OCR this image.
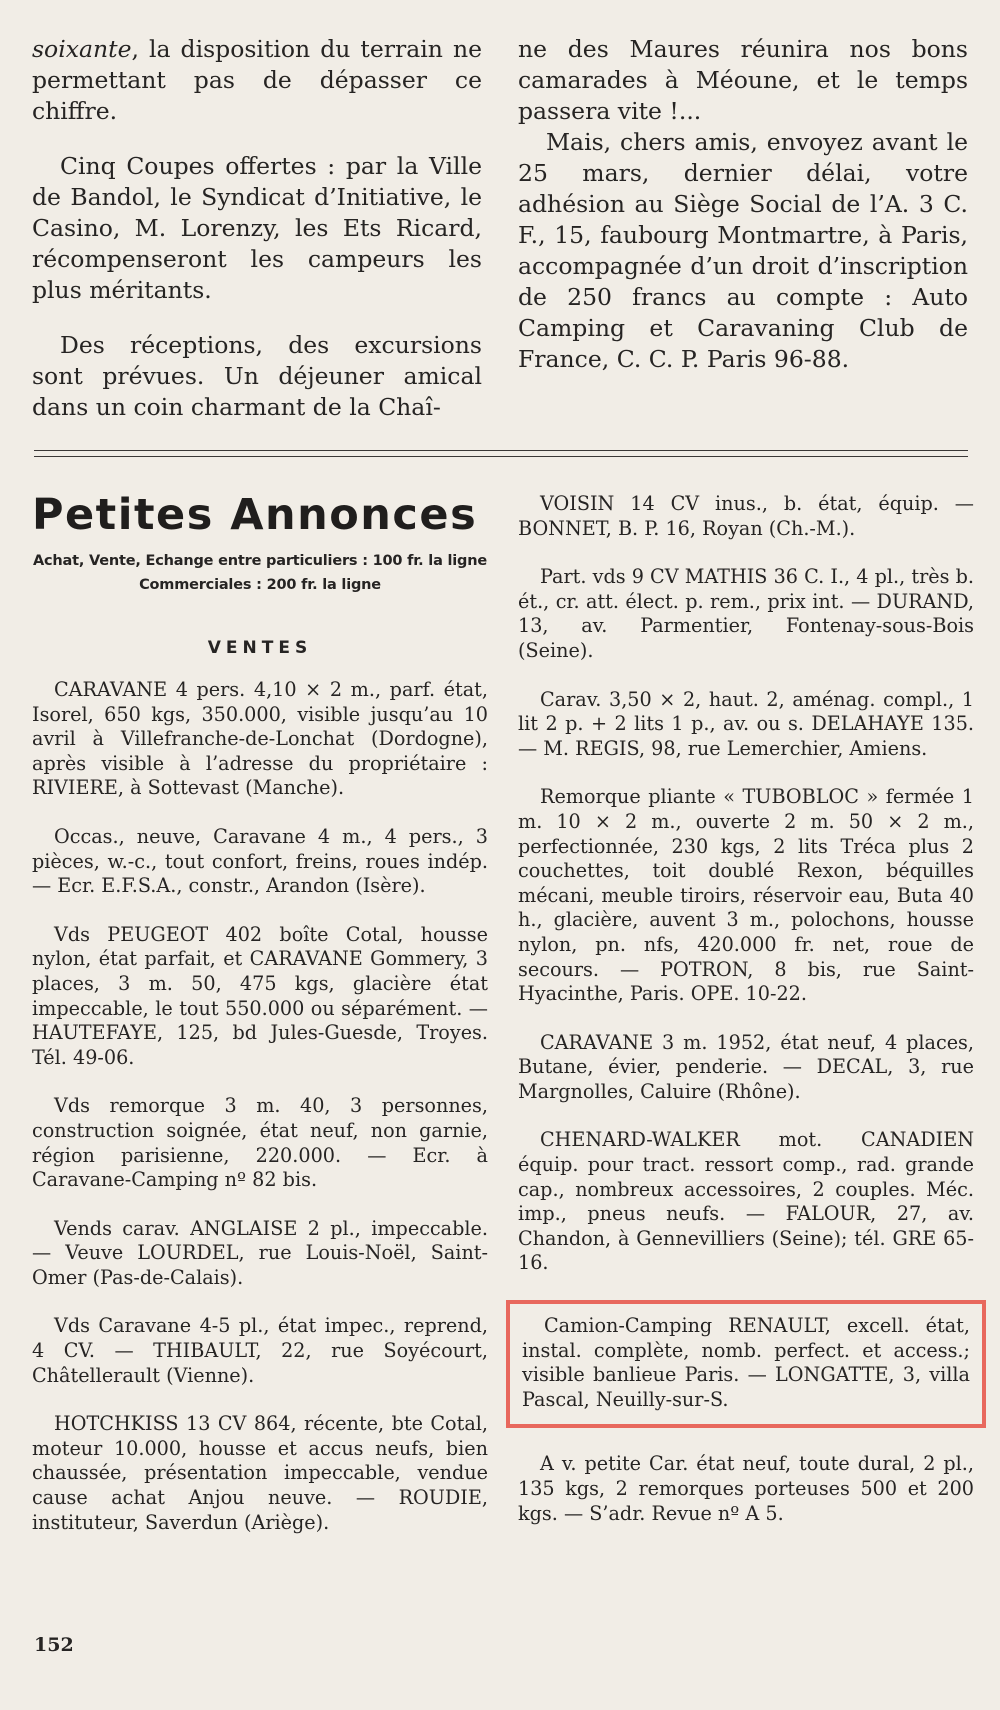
soixante, la disposition du terrain ne permettant pas de dépasser ce chiffre.

Cinq Coupes offertes : par la Ville de Bandol, le Syndicat d’Initiative, le Casino, M. Lorenzy, les Ets Ricard, récompenseront les campeurs les plus méritants.

Des réceptions, des excursions sont prévues. Un déjeuner amical dans un coin charmant de la Chaî-

ne des Maures réunira nos bons camarades à Méoune, et le temps passera vite !...

Mais, chers amis, envoyez avant le 25 mars, dernier délai, votre adhésion au Siège Social de l’A. 3 C. F., 15, faubourg Montmartre, à Paris, accompagnée d’un droit d’inscription de 250 francs au compte : Auto Camping et Caravaning Club de France, C. C. P. Paris 96-88.

Petites Annonces
Achat, Vente, Echange entre particuliers : 100 fr. la ligne
Commerciales : 200 fr. la ligne
VENTES

CARAVANE 4 pers. 4,10 × 2 m., parf. état, Isorel, 650 kgs, 350.000, visible jusqu’au 10 avril à Villefranche-de-Lonchat (Dordogne), après visible à l’adresse du propriétaire : RIVIERE, à Sottevast (Manche).

Occas., neuve, Caravane 4 m., 4 pers., 3 pièces, w.-c., tout confort, freins, roues indép. — Ecr. E.F.S.A., constr., Arandon (Isère).

Vds PEUGEOT 402 boîte Cotal, housse nylon, état parfait, et CARAVANE Gommery, 3 places, 3 m. 50, 475 kgs, glacière état impeccable, le tout 550.000 ou séparément. — HAUTEFAYE, 125, bd Jules-Guesde, Troyes. Tél. 49-06.

Vds remorque 3 m. 40, 3 personnes, construction soignée, état neuf, non garnie, région parisienne, 220.000. — Ecr. à Caravane-Camping nº 82 bis.

Vends carav. ANGLAISE 2 pl., impeccable. — Veuve LOURDEL, rue Louis-Noël, Saint-Omer (Pas-de-Calais).

Vds Caravane 4-5 pl., état impec., reprend, 4 CV. — THIBAULT, 22, rue Soyécourt, Châtellerault (Vienne).

HOTCHKISS 13 CV 864, récente, bte Cotal, moteur 10.000, housse et accus neufs, bien chaussée, présentation impeccable, vendue cause achat Anjou neuve. — ROUDIE, instituteur, Saverdun (Ariège).

VOISIN 14 CV inus., b. état, équip. — BONNET, B. P. 16, Royan (Ch.-M.).

Part. vds 9 CV MATHIS 36 C. I., 4 pl., très b. ét., cr. att. élect. p. rem., prix int. — DURAND, 13, av. Parmentier, Fontenay-sous-Bois (Seine).

Carav. 3,50 × 2, haut. 2, aménag. compl., 1 lit 2 p. + 2 lits 1 p., av. ou s. DELAHAYE 135. — M. REGIS, 98, rue Lemerchier, Amiens.

Remorque pliante « TUBOBLOC » fermée 1 m. 10 × 2 m., ouverte 2 m. 50 × 2 m., perfectionnée, 230 kgs, 2 lits Tréca plus 2 couchettes, toit doublé Rexon, béquilles mécani, meuble tiroirs, réservoir eau, Buta 40 h., glacière, auvent 3 m., polochons, housse nylon, pn. nfs, 420.000 fr. net, roue de secours. — POTRON, 8 bis, rue Saint-Hyacinthe, Paris. OPE. 10-22.

CARAVANE 3 m. 1952, état neuf, 4 places, Butane, évier, penderie. — DECAL, 3, rue Margnolles, Caluire (Rhône).

CHENARD-WALKER mot. CANADIEN équip. pour tract. ressort comp., rad. grande cap., nombreux accessoires, 2 couples. Méc. imp., pneus neufs. — FALOUR, 27, av. Chandon, à Gennevilliers (Seine); tél. GRE 65-16.

Camion-Camping RENAULT, excell. état, instal. complète, nomb. perfect. et access.; visible banlieue Paris. — LONGATTE, 3, villa Pascal, Neuilly-sur-S.

A v. petite Car. état neuf, toute dural, 2 pl., 135 kgs, 2 remorques porteuses 500 et 200 kgs. — S’adr. Revue nº A 5.

152
